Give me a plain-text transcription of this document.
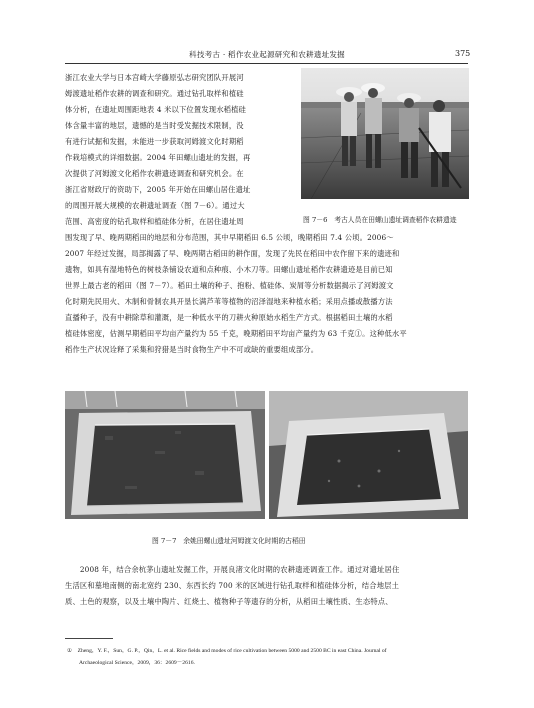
科技考古 · 稻作农业起源研究和农耕遗址发掘	375
浙江农业大学与日本宫崎大学藤原弘志研究团队开展河
姆渡遗址稻作农耕的调查和研究。通过钻孔取样和植硅
体分析，在遗址周围距地表 4 米以下位置发现水稻植硅
体含量丰富的地层，遗憾的是当时受发掘技术限制，没
有进行试掘和发掘，未能进一步获取河姆渡文化时期稻
作栽培模式的详细数据。2004 年田螺山遗址的发掘，再
次提供了河姆渡文化稻作农耕遗迹调查和研究机会。在
浙江省财政厅的资助下，2005 年开始在田螺山居住遗址
的周围开展大规模的农耕遗址调查（图 7－6）。通过大
范围、高密度的钻孔取样和植硅体分析，在居住遗址周	图 7－6　考古人员在田螺山遗址调查稻作农耕遗迹
围发现了早、晚两期稻田的地层和分布范围，其中早期稻田 6.5 公顷，晚期稻田 7.4 公顷。2006～
2007 年经过发掘，局部揭露了早、晚两期古稻田的耕作面，发现了先民在稻田中农作留下来的遗迹和
遗物，如具有湿地特色的树枝条铺设农道和点种痕、小木刀等。田螺山遗址稻作农耕遗迹是目前已知
世界上最古老的稻田（图 7－7）。稻田土壤的种子、抱粉、植硅体、炭屑等分析数据揭示了河姆渡文
化时期先民用火、木制和骨制农具开垦长满芦苇等植物的沼泽湿地来种植水稻；采用点播或散播方法
直播种子，没有中耕除草和灌溉，是一种低水平的刀耕火种原始水稻生产方式。根据稻田土壤的水稻
植硅体密度，估测早期稻田平均亩产量约为 55 千克，晚期稻田平均亩产量约为 63 千克①。这种低水平
稻作生产状况诠释了采集和狩猎是当时食物生产中不可或缺的重要组成部分。
图 7－7　余姚田螺山遗址河姆渡文化时期的古稻田
　　2008 年，结合余杭茅山遗址发掘工作，开展良渚文化时期的农耕遗迹调查工作。通过对遗址居住
生活区和墓地南侧的南北宽约 230、东西长约 700 米的区域进行钻孔取样和植硅体分析，结合地层土
质、土色的观察，以及土壤中陶片、红烧土、植物种子等遗存的分析，从稻田土壤性质、生态特点、
①　Zheng，Y. F.，Sun，G. P.，Qin，L. et al. Rice fields and modes of rice cultivation between 5000 and 2500 BC in east China. Journal of
Archaeological Science，2009，36：2609－2616.
